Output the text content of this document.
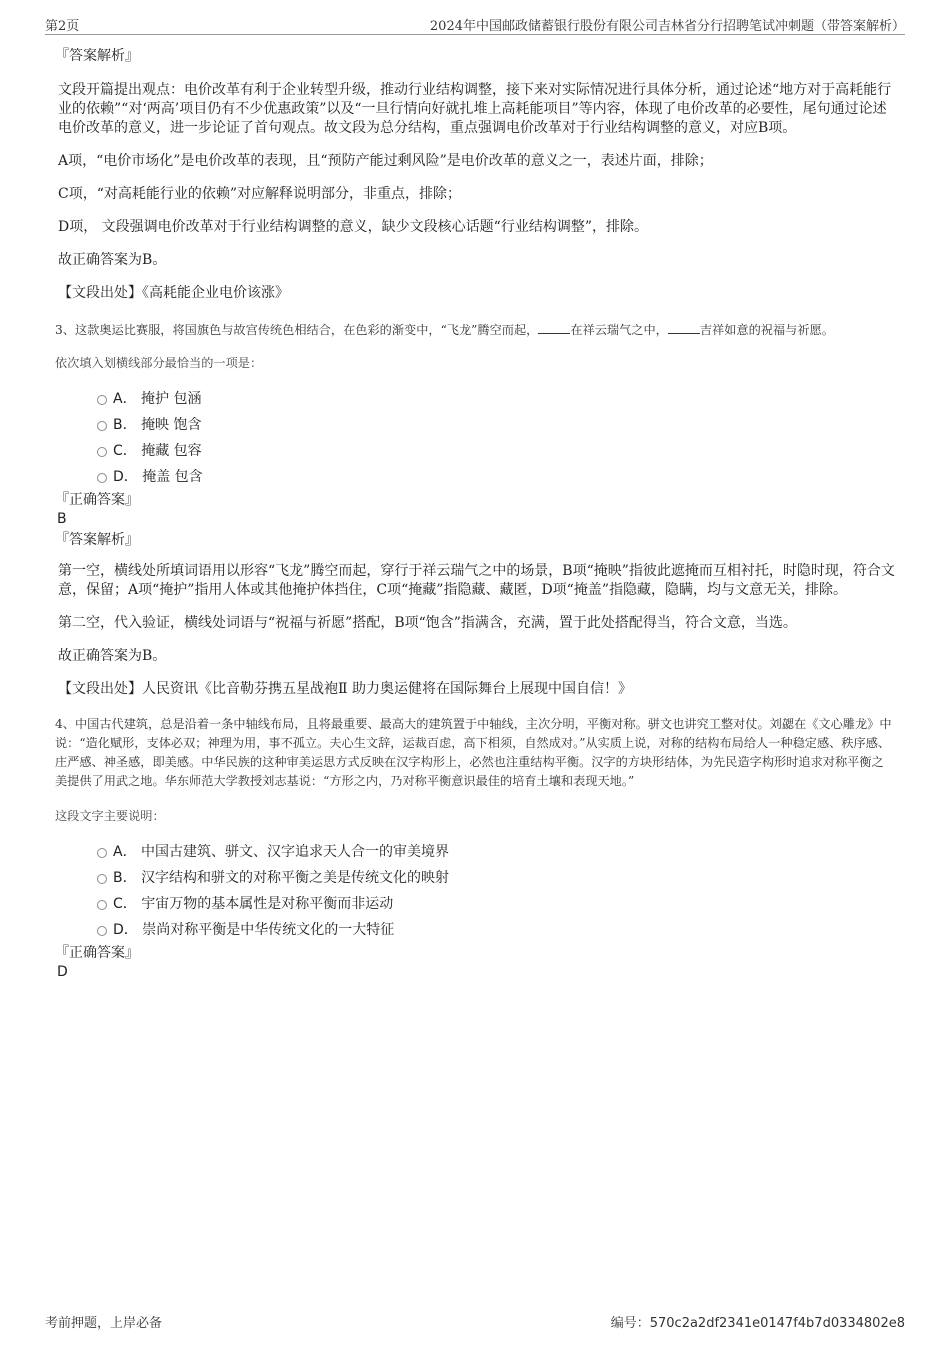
第2页	2024年中国邮政储蓄银行股份有限公司吉林省分行招聘笔试冲刺题（带答案解析）
『答案解析』

文段开篇提出观点：电价改革有利于企业转型升级，推动行业结构调整，接下来对实际情况进行具体分析，通过论述“地方对于高耗能行业的依赖”“对‘两高’项目仍有不少优惠政策”以及“一旦行情向好就扎堆上高耗能项目”等内容，体现了电价改革的必要性，尾句通过论述电价改革的意义，进一步论证了首句观点。故文段为总分结构，重点强调电价改革对于行业结构调整的意义，对应B项。

A项，“电价市场化”是电价改革的表现，且“预防产能过剩风险”是电价改革的意义之一，表述片面，排除；

C项，“对高耗能行业的依赖”对应解释说明部分，非重点，排除；

D项， 文段强调电价改革对于行业结构调整的意义，缺少文段核心话题“行业结构调整”，排除。

故正确答案为B。

【文段出处】《高耗能企业电价该涨》

3、这款奥运比赛服，将国旗色与故宫传统色相结合，在色彩的渐变中，“飞龙”腾空而起，	在祥云瑞气之中，	吉祥如意的祝福与祈愿。

依次填入划横线部分最恰当的一项是：

A． 掩护 包涵
B． 掩映 饱含
C． 掩藏 包容
D． 掩盖 包含
『正确答案』
B
『答案解析』

第一空，横线处所填词语用以形容“飞龙”腾空而起，穿行于祥云瑞气之中的场景，B项“掩映”指彼此遮掩而互相衬托，时隐时现，符合文意，保留；A项“掩护”指用人体或其他掩护体挡住，C项“掩藏”指隐藏、藏匿，D项“掩盖”指隐藏，隐瞒，均与文意无关，排除。

第二空，代入验证，横线处词语与“祝福与祈愿”搭配，B项“饱含”指满含，充满，置于此处搭配得当，符合文意，当选。

故正确答案为B。

【文段出处】人民资讯《比音勒芬携五星战袍Ⅱ 助力奥运健将在国际舞台上展现中国自信！》

4、中国古代建筑，总是沿着一条中轴线布局，且将最重要、最高大的建筑置于中轴线，主次分明，平衡对称。骈文也讲究工整对仗。刘勰在《文心雕龙》中说：“造化赋形，支体必双；神理为用，事不孤立。夫心生文辞，运裁百虑，高下相须，自然成对。”从实质上说，对称的结构布局给人一种稳定感、秩序感、庄严感、神圣感，即美感。中华民族的这种审美运思方式反映在汉字构形上，必然也注重结构平衡。汉字的方块形结体，为先民造字构形时追求对称平衡之美提供了用武之地。华东师范大学教授刘志基说：“方形之内，乃对称平衡意识最佳的培育土壤和表现天地。”

这段文字主要说明：

A． 中国古建筑、骈文、汉字追求天人合一的审美境界
B． 汉字结构和骈文的对称平衡之美是传统文化的映射
C． 宇宙万物的基本属性是对称平衡而非运动
D． 崇尚对称平衡是中华传统文化的一大特征
『正确答案』
D
考前押题，上岸必备	编号：570c2a2df2341e0147f4b7d0334802e8
